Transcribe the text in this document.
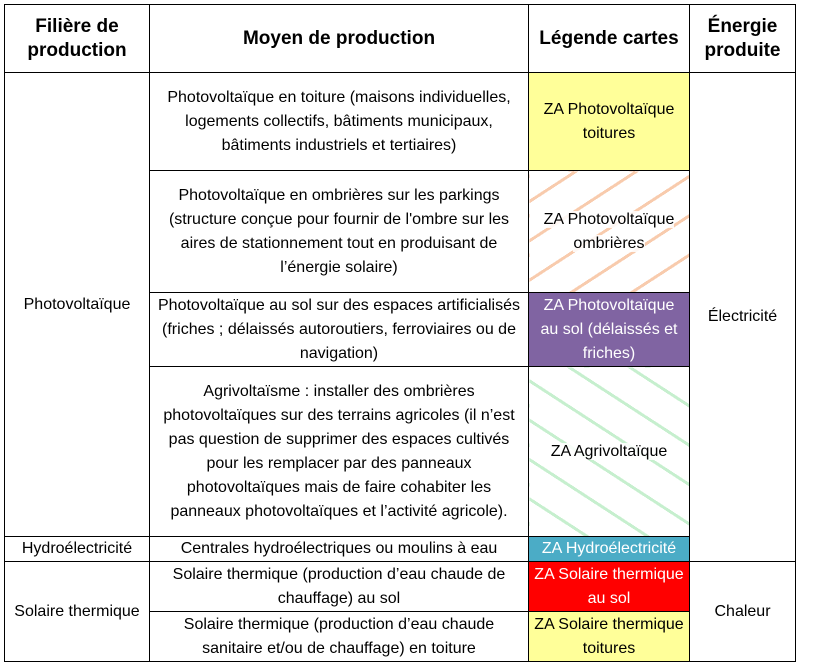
Filière de production	Moyen de production	Légende cartes	Énergie produite
Photovoltaïque	Photovoltaïque en toiture (maisons individuelles, logements collectifs, bâtiments municipaux, bâtiments industriels et tertiaires)	ZA Photovoltaïque toitures	Électricité
	Photovoltaïque en ombrières sur les parkings (structure conçue pour fournir de l'ombre sur les aires de stationnement tout en produisant de l’énergie solaire)	ZA Photovoltaïque ombrières	
	Photovoltaïque au sol sur des espaces artificialisés (friches ; délaissés autoroutiers, ferroviaires ou de navigation)	ZA Photovoltaïque au sol (délaissés et friches)	
	Agrivoltaïsme : installer des ombrières photovoltaïques sur des terrains agricoles (il n’est pas question de supprimer des espaces cultivés pour les remplacer par des panneaux photovoltaïques mais de faire cohabiter les panneaux photovoltaïques et l’activité agricole).	ZA Agrivoltaïque	
Hydroélectricité	Centrales hydroélectriques ou moulins à eau	ZA Hydroélectricité	
Solaire thermique	Solaire thermique (production d’eau chaude de chauffage) au sol	ZA Solaire thermique au sol	Chaleur
	Solaire thermique (production d’eau chaude sanitaire et/ou de chauffage) en toiture	ZA Solaire thermique toitures	
